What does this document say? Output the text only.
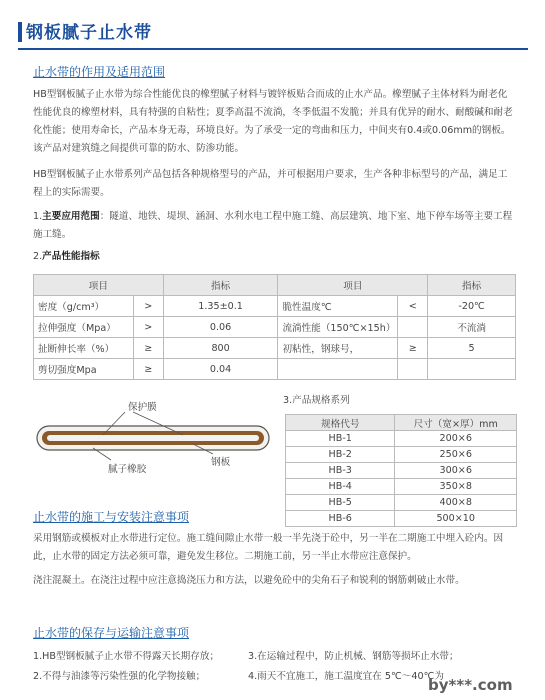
钢板腻子止水带
止水带的作用及适用范围
HB型钢板腻子止水带为综合性能优良的橡塑腻子材料与镀锌板贴合而成的止水产品。橡塑腻子主体材料为耐老化性能优良的橡塑材料，具有特强的自粘性；夏季高温不流淌，冬季低温不发脆；并具有优异的耐水、耐酸碱和耐老化性能；使用寿命长，产品本身无毒，环境良好。为了承受一定的弯曲和压力，中间夹有0.4或0.06mm的钢板。该产品对建筑缝之间提供可靠的防水、防渗功能。
HB型钢板腻子止水带系列产品包括各种规格型号的产品，并可根据用户要求，生产各种非标型号的产品，满足工程上的实际需要。
1.主要应用范围：隧道、地铁、堤坝、涵洞、水利水电工程中施工缝、高层建筑、地下室、地下停车场等主要工程施工缝。
2.产品性能指标
项目		指标	项目		指标
密度（g/cm³）	>	1.35±0.1	脆性温度℃	<	-20℃
拉伸强度（Mpa）	>	0.06	流淌性能（150℃×15h）		不流淌
扯断伸长率（%）	≥	800	初粘性，钢球号，	≥	5
剪切强度Mpa	≥	0.04			
保护膜
腻子橡胶
钢板
3.产品规格系列
规格代号	尺寸（宽×厚）mm
HB-1	200×6
HB-2	250×6
HB-3	300×6
HB-4	350×8
HB-5	400×8
HB-6	500×10
止水带的施工与安装注意事项
采用钢筋或模板对止水带进行定位。施工缝间隙止水带一般一半先浇于砼中，另一半在二期施工中埋入砼内。因此，止水带的固定方法必须可靠，避免发生移位。二期施工前，另一半止水带应注意保护。
浇注混凝土。在浇注过程中应注意捣浇压力和方法，以避免砼中的尖角石子和锐利的钢筋刺破止水带。
止水带的保存与运输注意事项
1.HB型钢板腻子止水带不得露天长期存放；	3.在运输过程中，防止机械、钢筋等损坏止水带；
2.不得与油漆等污染性强的化学物接触；	4.雨天不宜施工，施工温度宜在 5℃～40℃为
by***.com
